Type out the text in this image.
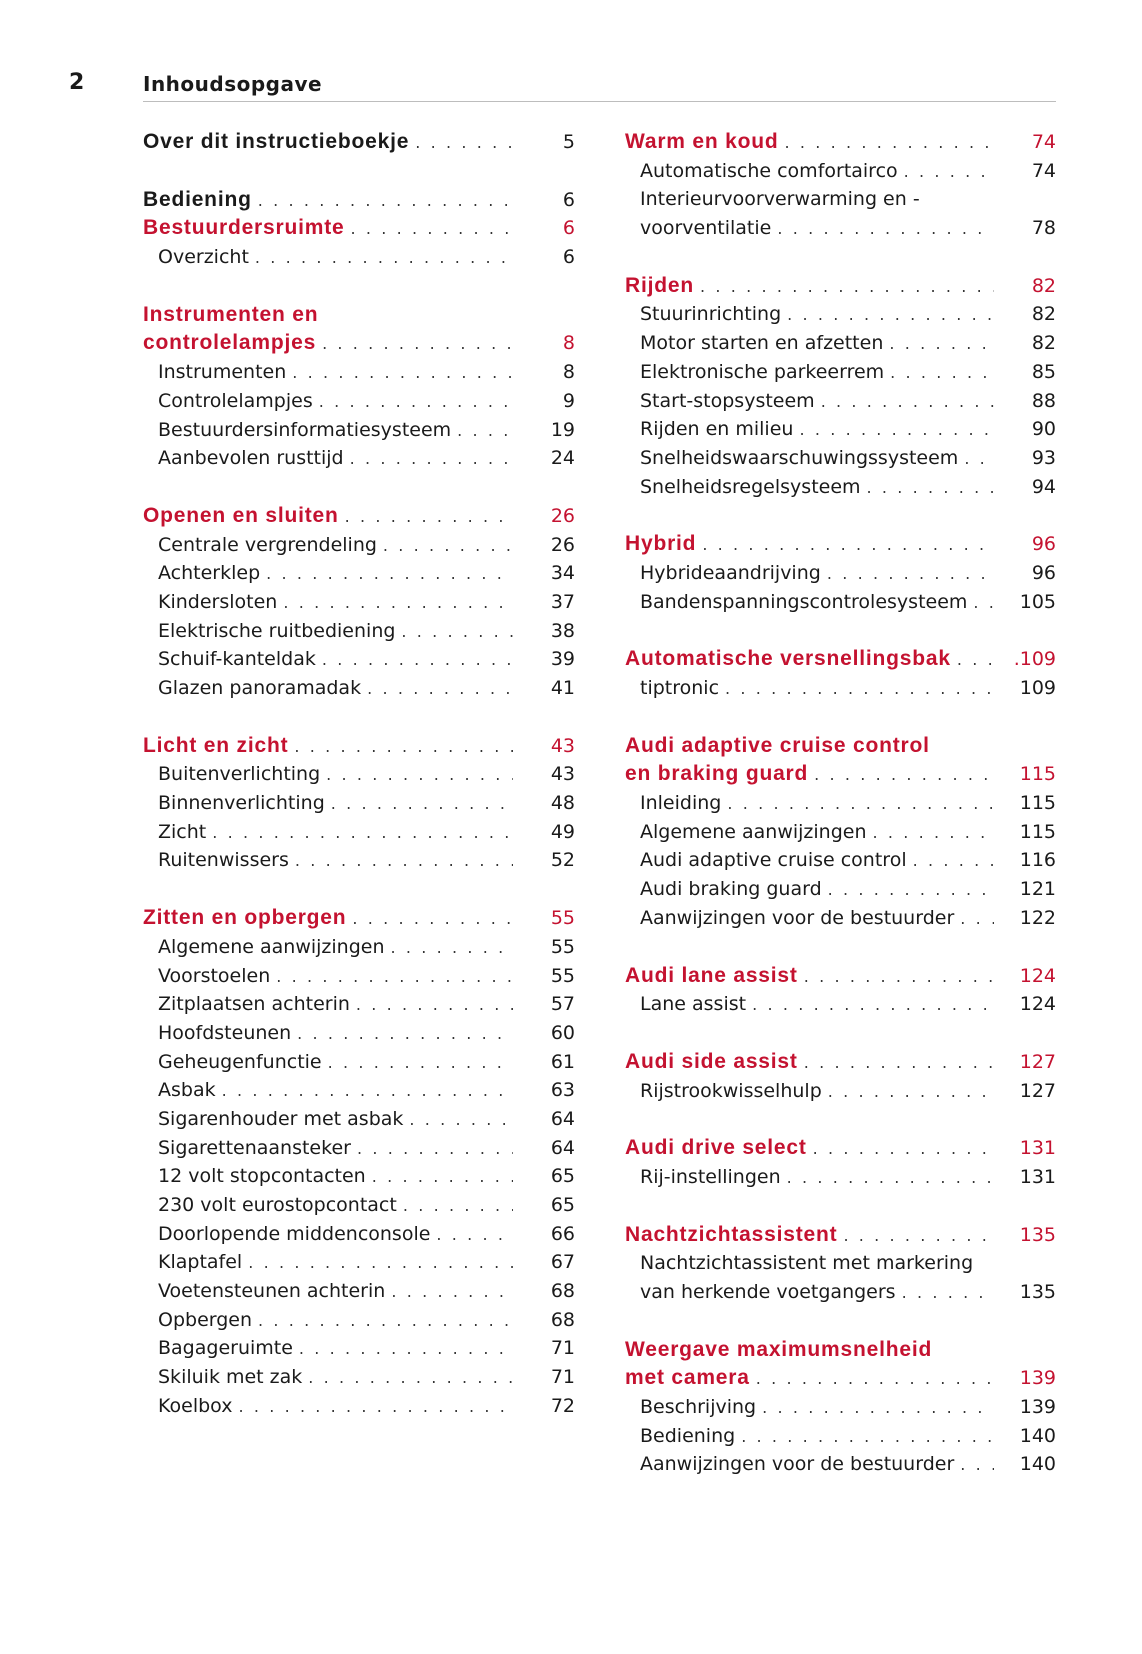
2	Inhoudsopgave
Over dit instructieboekje . . .	5
Bediening . . .	6
Bestuurdersruimte . . .	6
Overzicht . . .	6
Instrumenten en
controlelampjes . . .	8
Instrumenten . . .	8
Controlelampjes . . .	9
Bestuurdersinformatiesysteem . . .	19
Aanbevolen rusttijd . . .	24
Openen en sluiten . . .	26
Centrale vergrendeling . . .	26
Achterklep . . .	34
Kindersloten . . .	37
Elektrische ruitbediening . . .	38
Schuif-kanteldak . . .	39
Glazen panoramadak . . .	41
Licht en zicht . . .	43
Buitenverlichting . . .	43
Binnenverlichting . . .	48
Zicht . . .	49
Ruitenwissers . . .	52
Zitten en opbergen . . .	55
Algemene aanwijzingen . . .	55
Voorstoelen . . .	55
Zitplaatsen achterin . . .	57
Hoofdsteunen . . .	60
Geheugenfunctie . . .	61
Asbak . . .	63
Sigarenhouder met asbak . . .	64
Sigarettenaansteker . . .	64
12 volt stopcontacten . . .	65
230 volt eurostopcontact . . .	65
Doorlopende middenconsole . . .	66
Klaptafel . . .	67
Voetensteunen achterin . . .	68
Opbergen . . .	68
Bagageruimte . . .	71
Skiluik met zak . . .	71
Koelbox . . .	72
Warm en koud . . .	74
Automatische comfortairco . . .	74
Interieurvoorverwarming en -
voorventilatie . . .	78
Rijden . . .	82
Stuurinrichting . . .	82
Motor starten en afzetten . . .	82
Elektronische parkeerrem . . .	85
Start-stopsysteem . . .	88
Rijden en milieu . . .	90
Snelheidswaarschuwingssysteem . . .	93
Snelheidsregelsysteem . . .	94
Hybrid . . .	96
Hybrideaandrijving . . .	96
Bandenspanningscontrolesysteem . . .	105
Automatische versnellingsbak . . .	.109
tiptronic . . .	109
Audi adaptive cruise control
en braking guard . . .	115
Inleiding . . .	115
Algemene aanwijzingen . . .	115
Audi adaptive cruise control . . .	116
Audi braking guard . . .	121
Aanwijzingen voor de bestuurder . . .	122
Audi lane assist . . .	124
Lane assist . . .	124
Audi side assist . . .	127
Rijstrookwisselhulp . . .	127
Audi drive select . . .	131
Rij-instellingen . . .	131
Nachtzichtassistent . . .	135
Nachtzichtassistent met markering
van herkende voetgangers . . .	135
Weergave maximumsnelheid
met camera . . .	139
Beschrijving . . .	139
Bediening . . .	140
Aanwijzingen voor de bestuurder . . .	140
